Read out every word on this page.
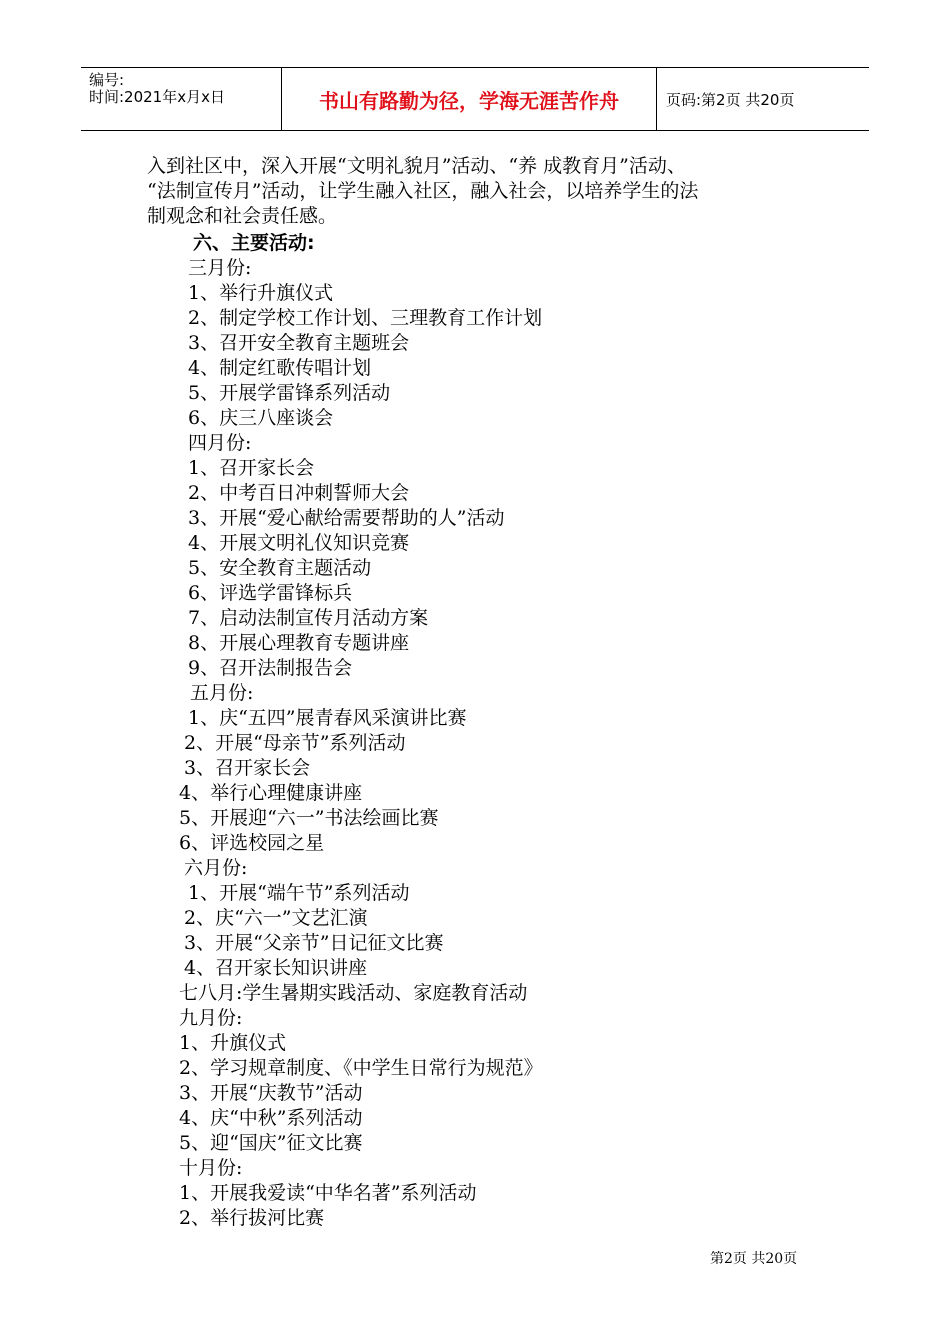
编号:
时间:2021年x月x日	书山有路勤为径，学海无涯苦作舟	页码:第2页 共20页
入到社区中，深入开展“文明礼貌月”活动、“养 成教育月”活动、
“法制宣传月”活动，让学生融入社区，融入社会，以培养学生的法
制观念和社会责任感。
六、主要活动:
三月份:
1、举行升旗仪式
2、制定学校工作计划、三理教育工作计划
3、召开安全教育主题班会
4、制定红歌传唱计划
5、开展学雷锋系列活动
6、庆三八座谈会
四月份:
1、召开家长会
2、中考百日冲刺誓师大会
3、开展“爱心献给需要帮助的人”活动
4、开展文明礼仪知识竞赛
5、安全教育主题活动
6、评选学雷锋标兵
7、启动法制宣传月活动方案
8、开展心理教育专题讲座
9、召开法制报告会
五月份:
1、庆“五四”展青春风采演讲比赛
2、开展“母亲节”系列活动
3、召开家长会
4、举行心理健康讲座
5、开展迎“六一”书法绘画比赛
6、评选校园之星
六月份:
1、开展“端午节”系列活动
2、庆“六一”文艺汇演
3、开展“父亲节”日记征文比赛
4、召开家长知识讲座
七八月:学生暑期实践活动、家庭教育活动
九月份:
1、升旗仪式
2、学习规章制度、《中学生日常行为规范》
3、开展“庆教节”活动
4、庆“中秋”系列活动
5、迎“国庆”征文比赛
十月份:
1、开展我爱读“中华名著”系列活动
2、举行拔河比赛
第2页 共20页
